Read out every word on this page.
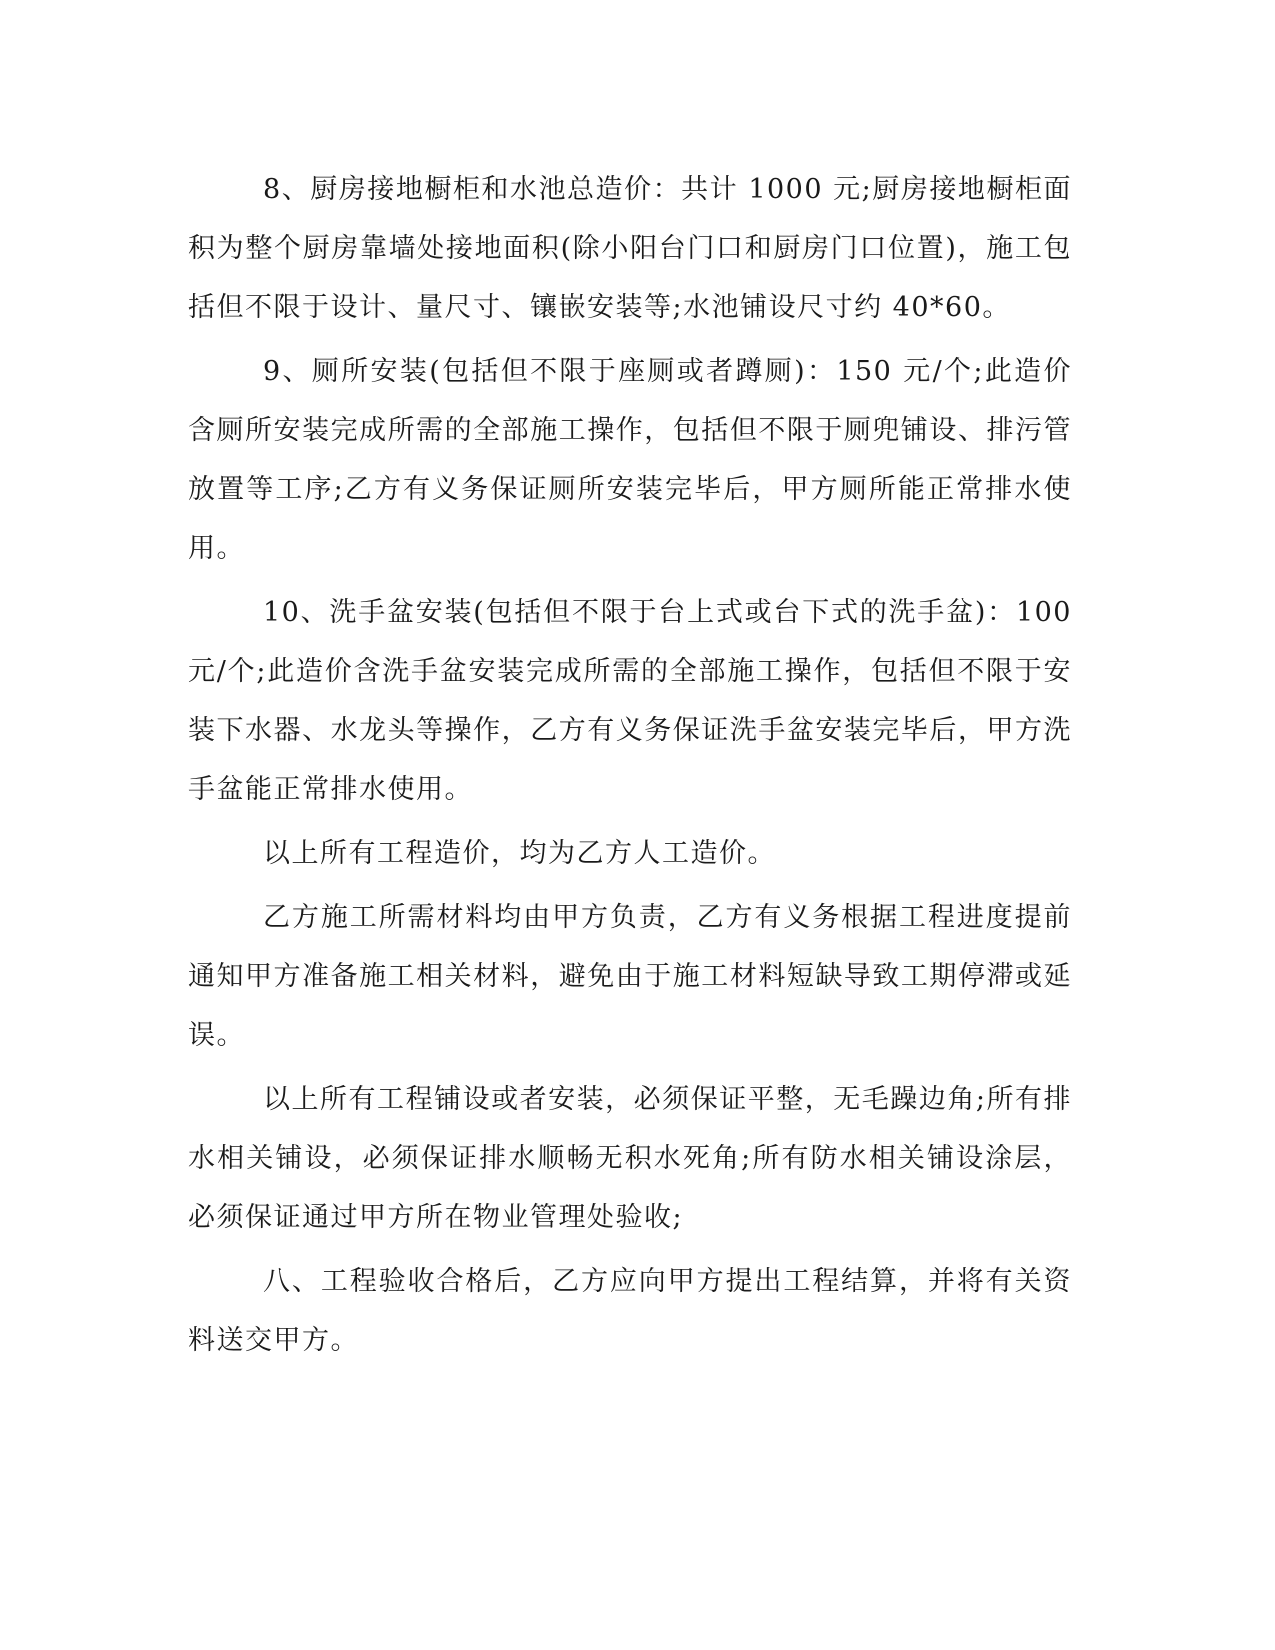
8、厨房接地橱柜和水池总造价：共计 1000 元;厨房接地橱柜面积为整个厨房靠墙处接地面积(除小阳台门口和厨房门口位置)，施工包括但不限于设计、量尺寸、镶嵌安装等;水池铺设尺寸约 40*60。

9、厕所安装(包括但不限于座厕或者蹲厕)：150 元/个;此造价含厕所安装完成所需的全部施工操作，包括但不限于厕兜铺设、排污管放置等工序;乙方有义务保证厕所安装完毕后，甲方厕所能正常排水使用。

10、洗手盆安装(包括但不限于台上式或台下式的洗手盆)：100 元/个;此造价含洗手盆安装完成所需的全部施工操作，包括但不限于安装下水器、水龙头等操作，乙方有义务保证洗手盆安装完毕后，甲方洗手盆能正常排水使用。

以上所有工程造价，均为乙方人工造价。

乙方施工所需材料均由甲方负责，乙方有义务根据工程进度提前通知甲方准备施工相关材料，避免由于施工材料短缺导致工期停滞或延误。

以上所有工程铺设或者安装，必须保证平整，无毛躁边角;所有排水相关铺设，必须保证排水顺畅无积水死角;所有防水相关铺设涂层，必须保证通过甲方所在物业管理处验收;

八、工程验收合格后，乙方应向甲方提出工程结算，并将有关资料送交甲方。
